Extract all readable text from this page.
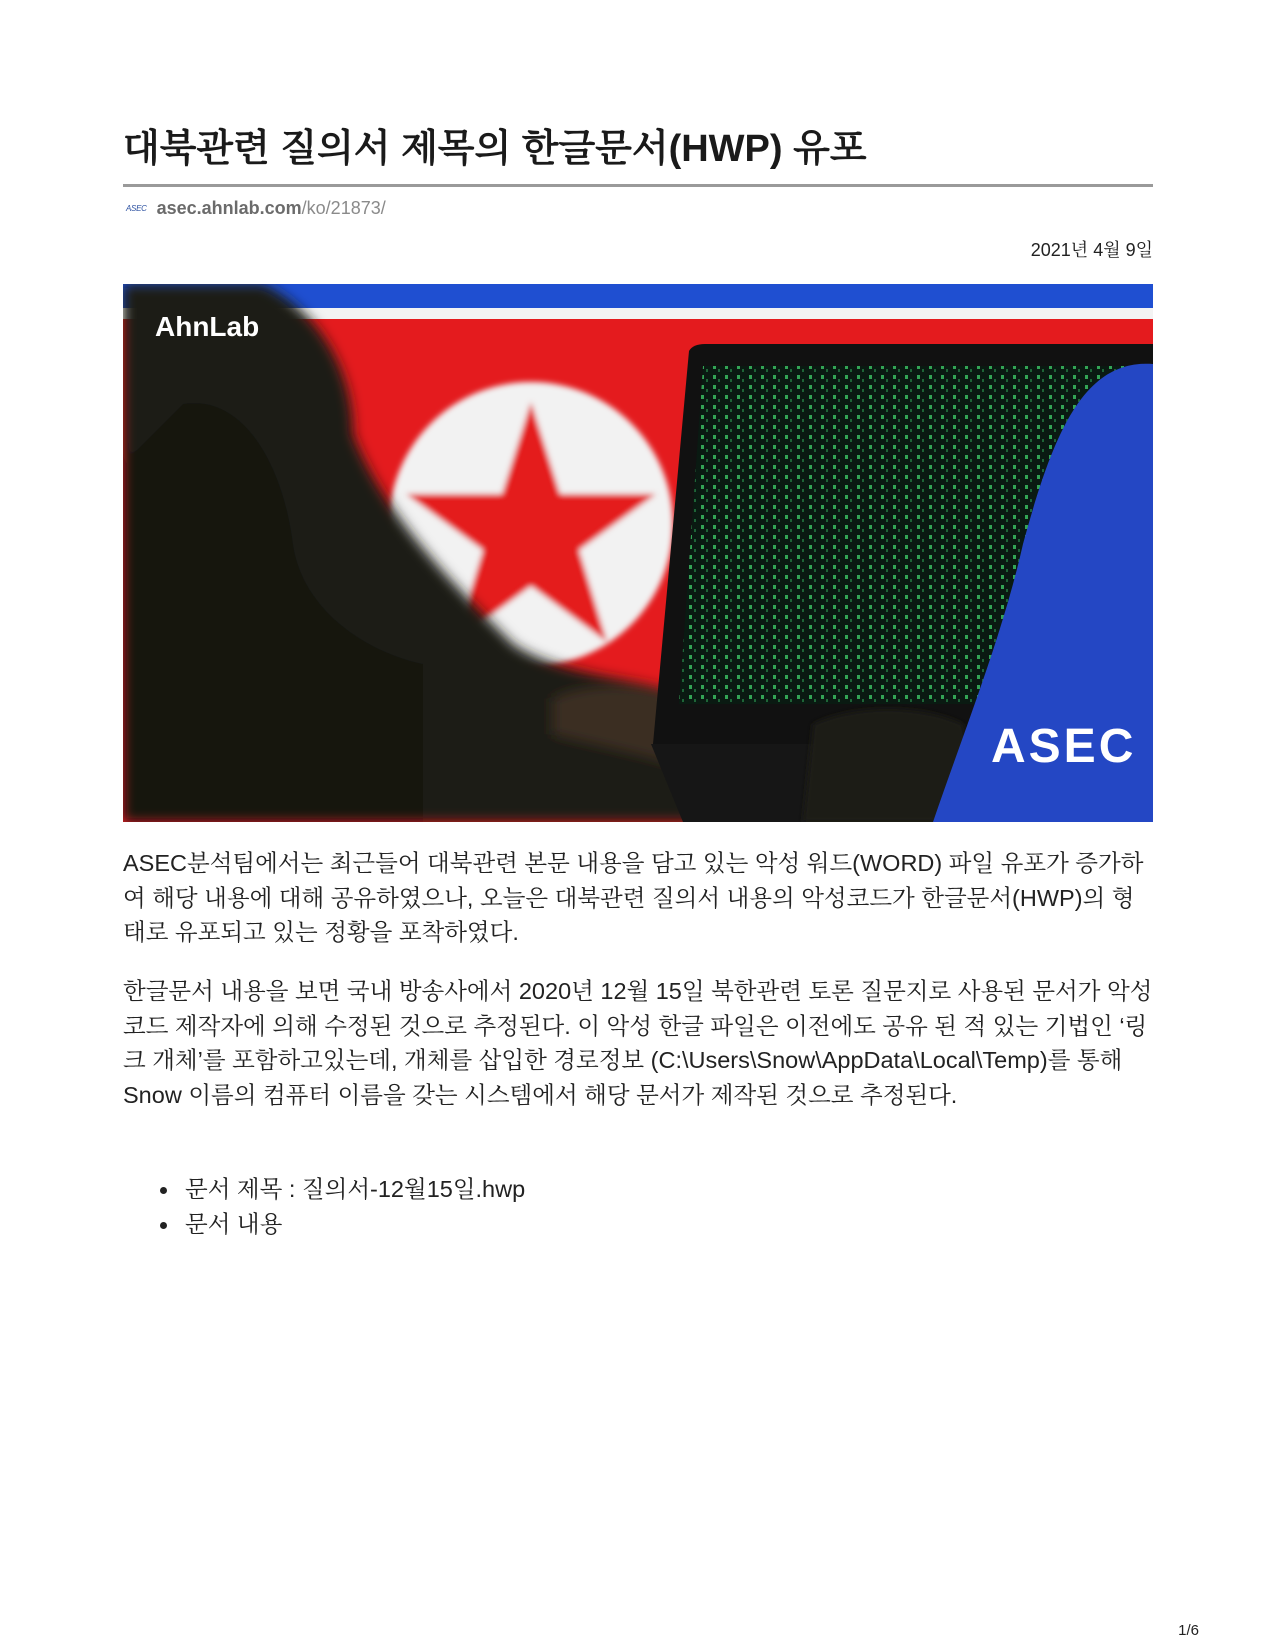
대북관련 질의서 제목의 한글문서(HWP) 유포
ASEC asec.ahnlab.com /ko/21873/
2021년 4월 9일
AhnLab
ASEC

ASEC분석팀에서는 최근들어 대북관련 본문 내용을 담고 있는 악성 워드(WORD) 파일 유포가 증가하여 해당 내용에 대해 공유하였으나, 오늘은 대북관련 질의서 내용의 악성코드가 한글문서(HWP)의 형태로 유포되고 있는 정황을 포착하였다.

한글문서 내용을 보면 국내 방송사에서 2020년 12월 15일 북한관련 토론 질문지로 사용된 문서가 악성코드 제작자에 의해 수정된 것으로 추정된다. 이 악성 한글 파일은 이전에도 공유 된 적 있는 기법인 ‘링크 개체’를 포함하고있는데, 개체를 삽입한 경로정보 (C:\Users\Snow\AppData\Local\Temp)를 통해 Snow 이름의 컴퓨터 이름을 갖는 시스템에서 해당 문서가 제작된 것으로 추정된다.

문서 제목 : 질의서-12월15일.hwp
문서 내용
1/6
